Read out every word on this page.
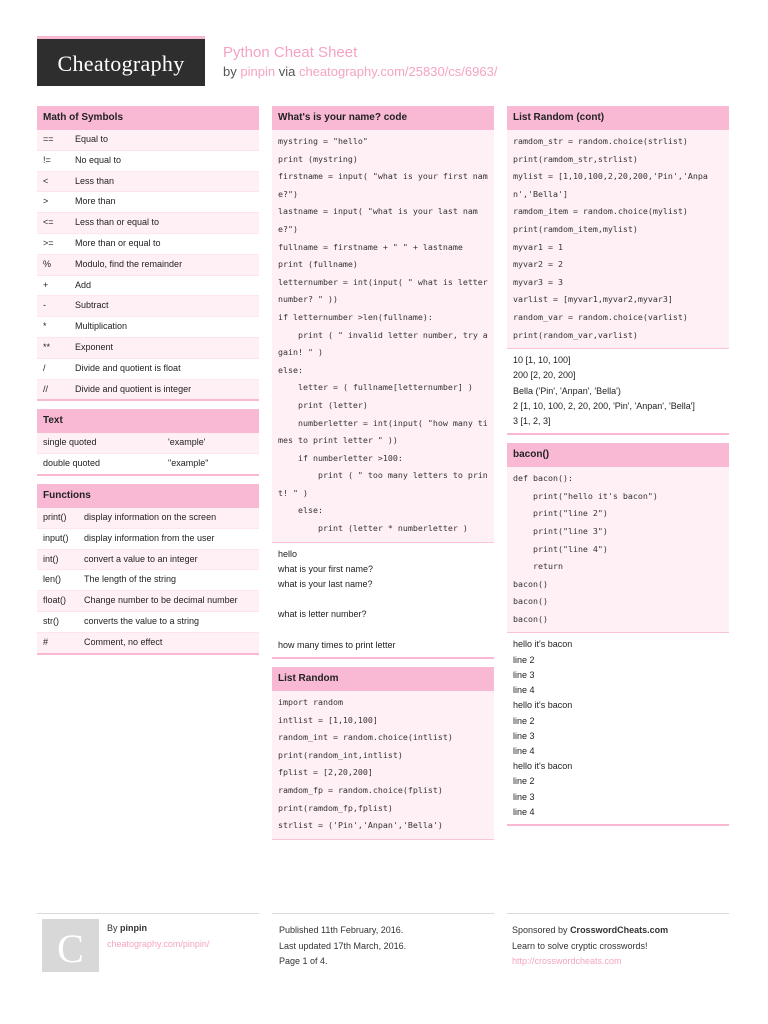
Cheatography	Python Cheat Sheet
by pinpin via cheatography.com/25830/cs/6963/
Math of Symbols
==	Equal to
!=	No equal to
<	Less than
>	More than
<=	Less than or equal to
>=	More than or equal to
%	Modulo, find the remainder
+	Add
-	Subtract
*	Multiplication
**	Exponent
/	Divide and quotient is float
//	Divide and quotient is integer
Text
single quoted	'example'
double quoted	"example"
Functions
print()	display information on the screen
input()	display information from the user
int()	convert a value to an integer
len()	The length of the string
float()	Change number to be decimal number
str()	converts the value to a string
#	Comment, no effect
What's is your name? code
mystring = "hello"
print (mystring)
firstname = input( "what is your first name?")
lastname = input( "what is your last name?")
fullname = firstname + " " + lastname
print (fullname)
letternumber = int(input( " what is letter number? " ))
if letternumber >len(fullname):
print ( " invalid letter number, try again! " )
else:
letter = ( fullname[letternumber] )
print (letter)
numberletter = int(input( "how many times to print letter " ))
if numberletter >100:
print ( " too many letters to print! " )
else:
print (letter * numberletter )
hello
what is your first name?
what is your last name?
what is letter number?
how many times to print letter
List Random
import random
intlist = [1,10,100]
random_int = random.choice(intlist)
print(random_int,intlist)
fplist = [2,20,200]
ramdom_fp = random.choice(fplist)
print(ramdom_fp,fplist)
strlist = ('Pin','Anpan','Bella')
List Random (cont)
ramdom_str = random.choice(strlist)
print(ramdom_str,strlist)
mylist = [1,10,100,2,20,200,'Pin','Anpan','Bella']
ramdom_item = random.choice(mylist)
print(ramdom_item,mylist)
myvar1 = 1
myvar2 = 2
myvar3 = 3
varlist = [myvar1,myvar2,myvar3]
random_var = random.choice(varlist)
print(random_var,varlist)
10 [1, 10, 100]
200 [2, 20, 200]
Bella ('Pin', 'Anpan', 'Bella')
2 [1, 10, 100, 2, 20, 200, 'Pin', 'Anpan', 'Bella']
3 [1, 2, 3]
bacon()
def bacon():
print("hello it's bacon")
print("line 2")
print("line 3")
print("line 4")
return
bacon()
bacon()
bacon()
hello it's bacon
line 2
line 3
line 4
hello it's bacon
line 2
line 3
line 4
hello it's bacon
line 2
line 3
line 4
C	By pinpin
cheatography.com/pinpin/
Published 11th February, 2016.
Last updated 17th March, 2016.
Page 1 of 4.
Sponsored by CrosswordCheats.com
Learn to solve cryptic crosswords!
http://crosswordcheats.com
